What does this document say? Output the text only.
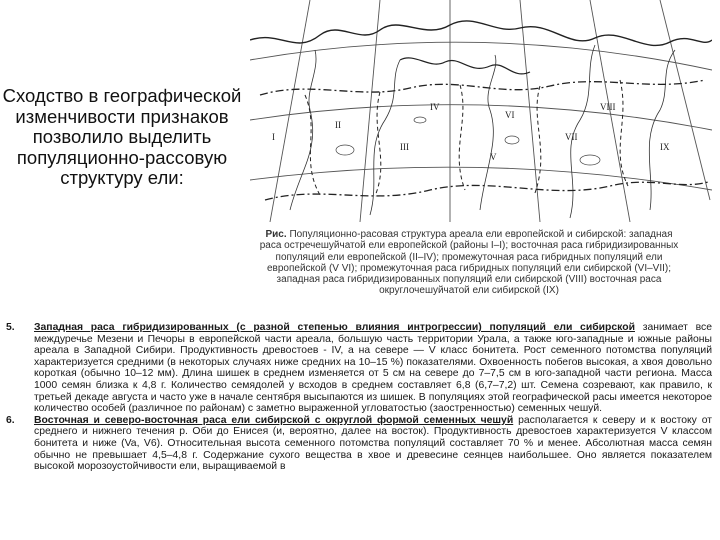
Сходство в географической изменчивости признаков позволило выделить популяционно-рассовую структуру ели:
I
II
III
IV
V
VI
VII
VIII
IX
Рис. Популяционно-расовая структура ареала ели европейской и сибирской: западная раса остречешуйчатой ели европейской (районы I–I); восточная раса гибридизированных популяций ели европейской (II–IV); промежуточная раса гибридных популяций ели европейской (V VI); промежуточная раса гибридных популяций ели сибирской (VI–VII); западная раса гибридизированных популяций ели сибирской (VIII) восточная раса округлочешуйчатой ели сибирской (IX)
5. Западная раса гибридизированных (с разной степенью влияния интрогрессии) популяций ели сибирской занимает все междуречье Мезени и Печоры в европейской части ареала, большую часть территории Урала, а также юго-западные и южные районы ареала в Западной Сибири. Продуктивность древостоев - IV, а на севере — V класс бонитета. Рост семенного потомства популяций характеризуется средними (в некоторых случаях ниже средних на 10–15 %) показателями. Охвоенность побегов высокая, а хвоя довольно короткая (обычно 10–12 мм). Длина шишек в среднем изменяется от 5 см на севере до 7–7,5 см в юго-западной части региона. Масса 1000 семян близка к 4,8 г. Количество семядолей у всходов в среднем составляет 6,8 (6,7–7,2) шт. Семена созревают, как правило, к третьей декаде августа и часто уже в начале сентября высыпаются из шишек. В популяциях этой географической расы имеется некоторое количество особей (различное по районам) с заметно выраженной угловатостью (заостренностью) семенных чешуй.
6. Восточная и северо-восточная раса ели сибирской с округлой формой семенных чешуй располагается к северу и к востоку от среднего и нижнего течения р. Оби до Енисея (и, вероятно, далее на восток). Продуктивность древостоев характеризуется V классом бонитета и ниже (Va, V6). Относительная высота семенного потомства популяций составляет 70 % и менее. Абсолютная масса семян обычно не превышает 4,5–4,8 г. Содержание сухого вещества в хвое и древесине сеянцев наибольшее. Оно является показателем высокой морозоустойчивости ели, выращиваемой в
